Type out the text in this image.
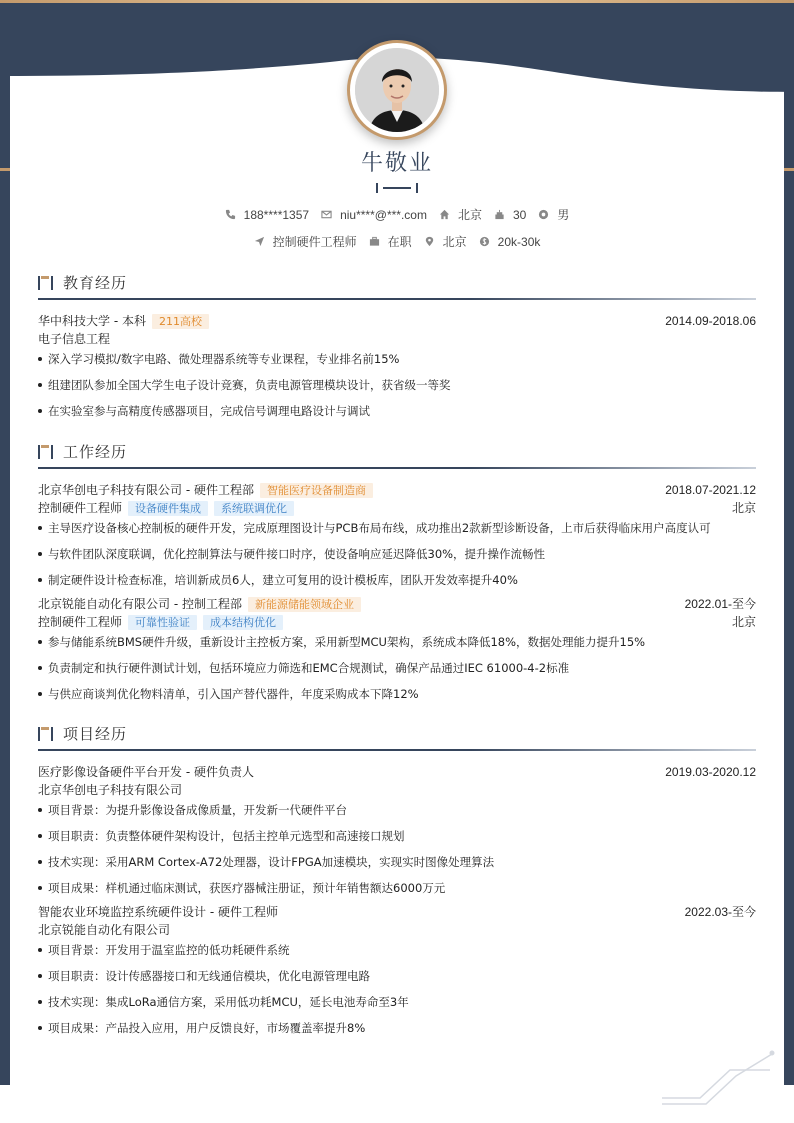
牛敬业
188****1357	niu****@***.com	北京	30	男
控制硬件工程师	在职	北京	20k-30k
教育经历
华中科技大学 - 本科	211高校	2014.09-2018.06
电子信息工程
深入学习模拟/数字电路、微处理器系统等专业课程，专业排名前15%
组建团队参加全国大学生电子设计竞赛，负责电源管理模块设计，获省级一等奖
在实验室参与高精度传感器项目，完成信号调理电路设计与调试
工作经历
北京华创电子科技有限公司 - 硬件工程部	智能医疗设备制造商	2018.07-2021.12
控制硬件工程师	设备硬件集成	系统联调优化	北京
主导医疗设备核心控制板的硬件开发，完成原理图设计与PCB布局布线，成功推出2款新型诊断设备，上市后获得临床用户高度认可
与软件团队深度联调，优化控制算法与硬件接口时序，使设备响应延迟降低30%，提升操作流畅性
制定硬件设计检查标准，培训新成员6人，建立可复用的设计模板库，团队开发效率提升40%
北京锐能自动化有限公司 - 控制工程部	新能源储能领域企业	2022.01-至今
控制硬件工程师	可靠性验证	成本结构优化	北京
参与储能系统BMS硬件升级，重新设计主控板方案，采用新型MCU架构，系统成本降低18%，数据处理能力提升15%
负责制定和执行硬件测试计划，包括环境应力筛选和EMC合规测试，确保产品通过IEC 61000-4-2标准
与供应商谈判优化物料清单，引入国产替代器件，年度采购成本下降12%
项目经历
医疗影像设备硬件平台开发 - 硬件负责人	2019.03-2020.12
北京华创电子科技有限公司
项目背景：为提升影像设备成像质量，开发新一代硬件平台
项目职责：负责整体硬件架构设计，包括主控单元选型和高速接口规划
技术实现：采用ARM Cortex-A72处理器，设计FPGA加速模块，实现实时图像处理算法
项目成果：样机通过临床测试，获医疗器械注册证，预计年销售额达6000万元
智能农业环境监控系统硬件设计 - 硬件工程师	2022.03-至今
北京锐能自动化有限公司
项目背景：开发用于温室监控的低功耗硬件系统
项目职责：设计传感器接口和无线通信模块，优化电源管理电路
技术实现：集成LoRa通信方案，采用低功耗MCU，延长电池寿命至3年
项目成果：产品投入应用，用户反馈良好，市场覆盖率提升8%
